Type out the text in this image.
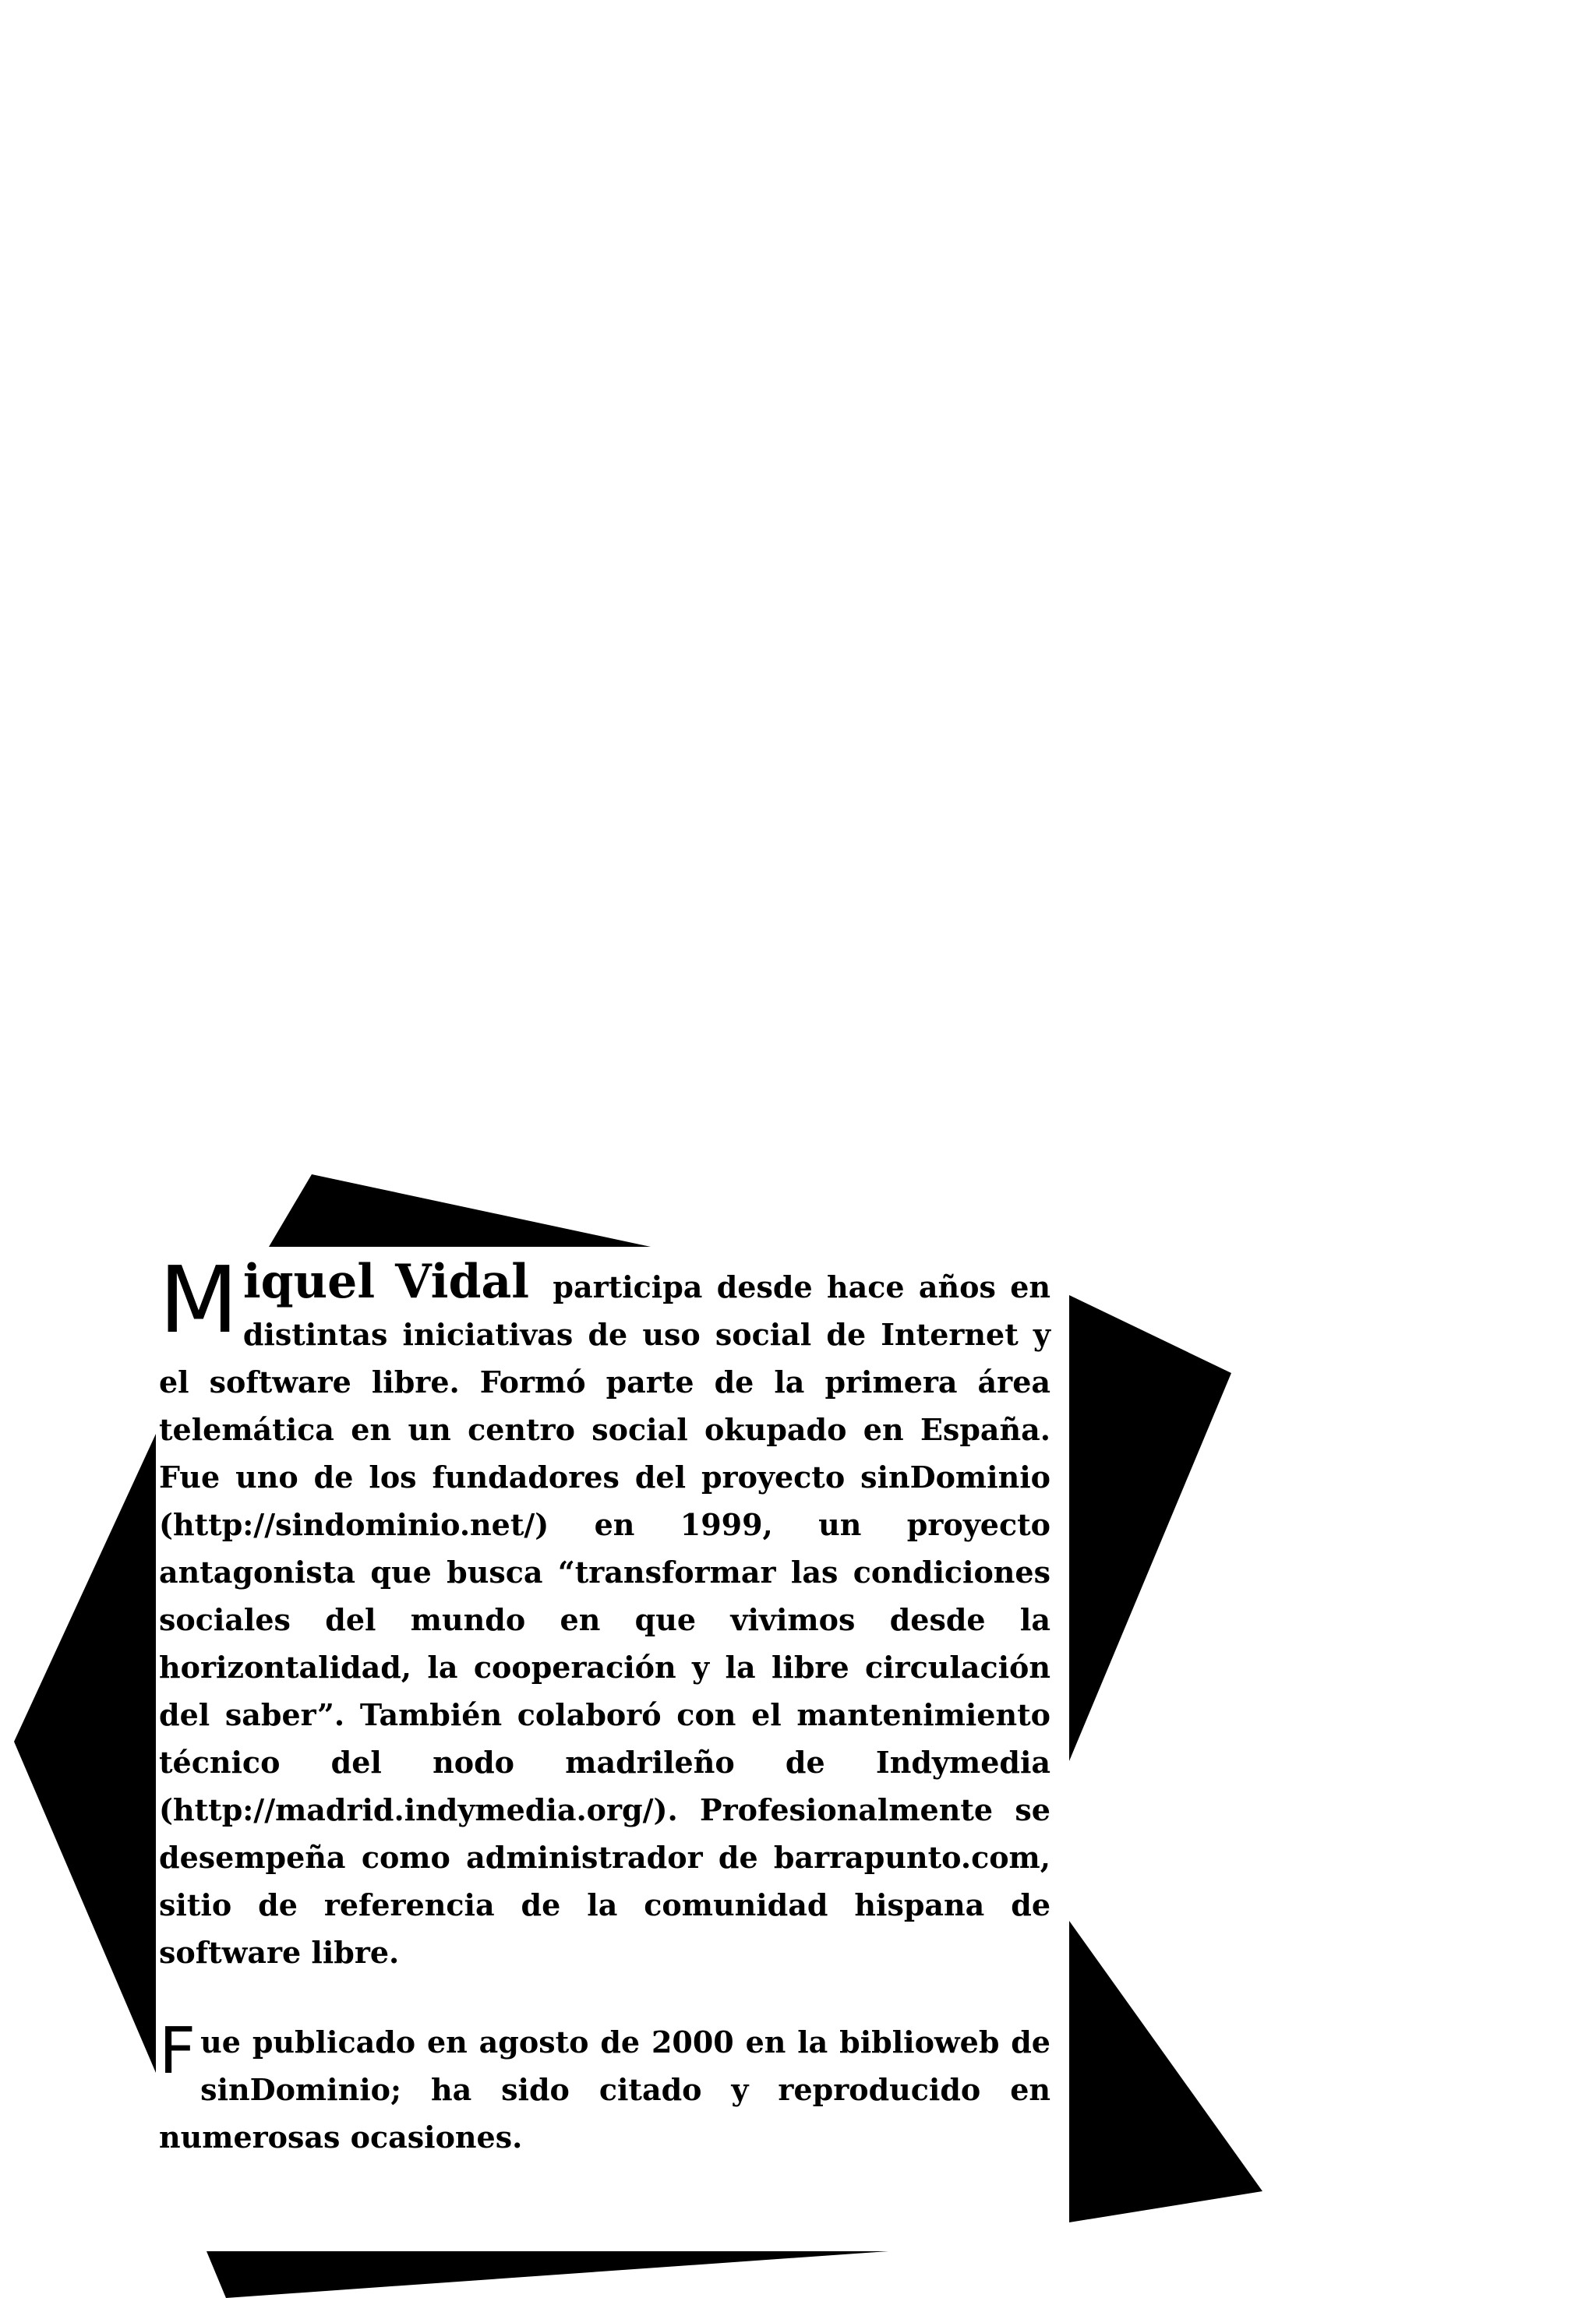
Miquel Vidal participa desde hace años en distintas iniciativas de uso social de Internet y el software libre. Formó parte de la primera área telemática en un centro social okupado en España. Fue uno de los fundadores del proyecto sinDominio (http://sindominio.net/) en 1999, un proyecto antagonista que busca “transformar las condiciones sociales del mundo en que vivimos desde la horizontalidad, la cooperación y la libre circulación del saber”. También colaboró con el mantenimiento técnico del nodo madrileño de Indymedia (http://madrid.indymedia.org/). Profesionalmente se desempeña como administrador de barrapunto.com, sitio de referencia de la comunidad hispana de software libre.

Fue publicado en agosto de 2000 en la biblioweb de sinDominio; ha sido citado y reproducido en numerosas ocasiones.
